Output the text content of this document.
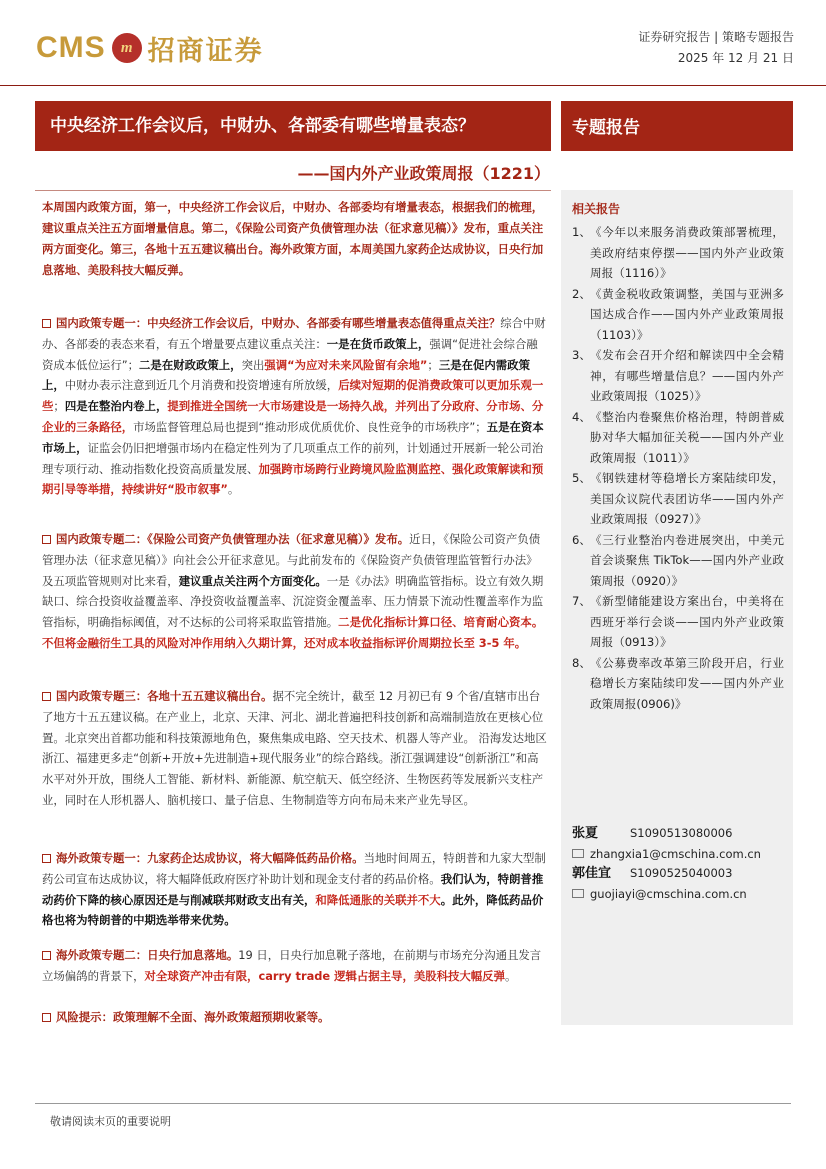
CMS m 招商证券	证券研究报告 | 策略专题报告
2025 年 12 月 21 日
中央经济工作会议后，中财办、各部委有哪些增量表态？
——国内外产业政策周报（1221）
专题报告
本周国内政策方面，第一，中央经济工作会议后，中财办、各部委均有增量表态，根据我们的梳理，建议重点关注五方面增量信息。第二，《保险公司资产负债管理办法（征求意见稿）》发布，重点关注两方面变化。第三，各地十五五建议稿出台。海外政策方面，本周美国九家药企达成协议，日央行加息落地、美股科技大幅反弹。
国内政策专题一：中央经济工作会议后，中财办、各部委有哪些增量表态值得重点关注？综合中财办、各部委的表态来看，有五个增量要点建议重点关注：一是在货币政策上，强调“促进社会综合融资成本低位运行”；二是在财政政策上，突出强调“为应对未来风险留有余地”；三是在促内需政策上，中财办表示注意到近几个月消费和投资增速有所放缓，后续对短期的促消费政策可以更加乐观一些；四是在整治内卷上，提到推进全国统一大市场建设是一场持久战，并列出了分政府、分市场、分企业的三条路径，市场监督管理总局也提到“推动形成优质优价、良性竞争的市场秩序”；五是在资本市场上，证监会仍旧把增强市场内在稳定性列为了几项重点工作的前列，计划通过开展新一轮公司治理专项行动、推动指数化投资高质量发展、加强跨市场跨行业跨境风险监测监控、强化政策解读和预期引导等举措，持续讲好“股市叙事”。
国内政策专题二：《保险公司资产负债管理办法（征求意见稿）》发布。近日，《保险公司资产负债管理办法（征求意见稿）》向社会公开征求意见。与此前发布的《保险资产负债管理监管暂行办法》及五项监管规则对比来看，建议重点关注两个方面变化。一是《办法》明确监管指标。设立有效久期缺口、综合投资收益覆盖率、净投资收益覆盖率、沉淀资金覆盖率、压力情景下流动性覆盖率作为监管指标，明确指标阈值，对不达标的公司将采取监管措施。二是优化指标计算口径、培育耐心资本。不但将金融衍生工具的风险对冲作用纳入久期计算，还对成本收益指标评价周期拉长至 3-5 年。
国内政策专题三：各地十五五建议稿出台。据不完全统计，截至 12 月初已有 9 个省/直辖市出台了地方十五五建议稿。在产业上，北京、天津、河北、湖北普遍把科技创新和高端制造放在更核心位置。北京突出首都功能和科技策源地角色，聚焦集成电路、空天技术、机器人等产业。 沿海发达地区浙江、福建更多走“创新+开放+先进制造+现代服务业”的综合路线。浙江强调建设“创新浙江”和高水平对外开放，围绕人工智能、新材料、新能源、航空航天、低空经济、生物医药等发展新兴支柱产业，同时在人形机器人、脑机接口、量子信息、生物制造等方向布局未来产业先导区。
海外政策专题一：九家药企达成协议，将大幅降低药品价格。当地时间周五，特朗普和九家大型制药公司宣布达成协议，将大幅降低政府医疗补助计划和现金支付者的药品价格。我们认为，特朗普推动药价下降的核心原因还是与削减联邦财政支出有关，和降低通胀的关联并不大。此外，降低药品价格也将为特朗普的中期选举带来优势。
海外政策专题二：日央行加息落地。19 日，日央行加息靴子落地，在前期与市场充分沟通且发言立场偏鸽的背景下，对全球资产冲击有限，carry trade 逻辑占据主导，美股科技大幅反弹。
风险提示：政策理解不全面、海外政策超预期收紧等。
相关报告
1、 《今年以来服务消费政策部署梳理，美政府结束停摆——国内外产业政策周报（1116）》
2、 《黄金税收政策调整，美国与亚洲多国达成合作——国内外产业政策周报（1103）》
3、 《发布会召开介绍和解读四中全会精神，有哪些增量信息？——国内外产业政策周报（1025）》
4、 《整治内卷聚焦价格治理，特朗普威胁对华大幅加征关税——国内外产业政策周报（1011）》
5、 《钢铁建材等稳增长方案陆续印发，美国众议院代表团访华——国内外产业政策周报（0927）》
6、 《三行业整治内卷进展突出，中美元首会谈聚焦 TikTok——国内外产业政策周报（0920）》
7、 《新型储能建设方案出台，中美将在西班牙举行会谈——国内外产业政策周报（0913）》
8、 《公募费率改革第三阶段开启，行业稳增长方案陆续印发——国内外产业政策周报(0906)》
张夏	S1090513080006
zhangxia1@cmschina.com.cn
郭佳宜 S1090525040003
guojiayi@cmschina.com.cn
敬请阅读末页的重要说明
